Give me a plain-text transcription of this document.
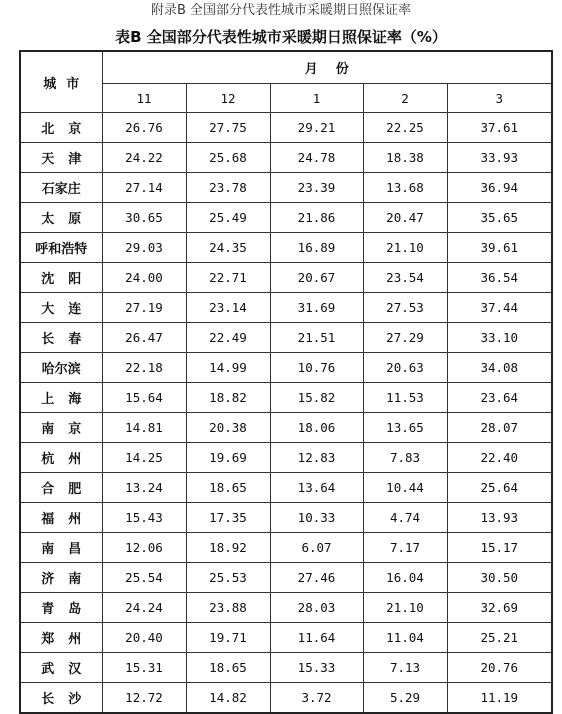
附录B 全国部分代表性城市采暖期日照保证率
表B 全国部分代表性城市采暖期日照保证率（%）
城市	月份				
	11	12	1	2	3
北京	26.76	27.75	29.21	22.25	37.61
天津	24.22	25.68	24.78	18.38	33.93
石家庄	27.14	23.78	23.39	13.68	36.94
太原	30.65	25.49	21.86	20.47	35.65
呼和浩特	29.03	24.35	16.89	21.10	39.61
沈阳	24.00	22.71	20.67	23.54	36.54
大连	27.19	23.14	31.69	27.53	37.44
长春	26.47	22.49	21.51	27.29	33.10
哈尔滨	22.18	14.99	10.76	20.63	34.08
上海	15.64	18.82	15.82	11.53	23.64
南京	14.81	20.38	18.06	13.65	28.07
杭州	14.25	19.69	12.83	7.83	22.40
合肥	13.24	18.65	13.64	10.44	25.64
福州	15.43	17.35	10.33	4.74	13.93
南昌	12.06	18.92	6.07	7.17	15.17
济南	25.54	25.53	27.46	16.04	30.50
青岛	24.24	23.88	28.03	21.10	32.69
郑州	20.40	19.71	11.64	11.04	25.21
武汉	15.31	18.65	15.33	7.13	20.76
长沙	12.72	14.82	3.72	5.29	11.19
